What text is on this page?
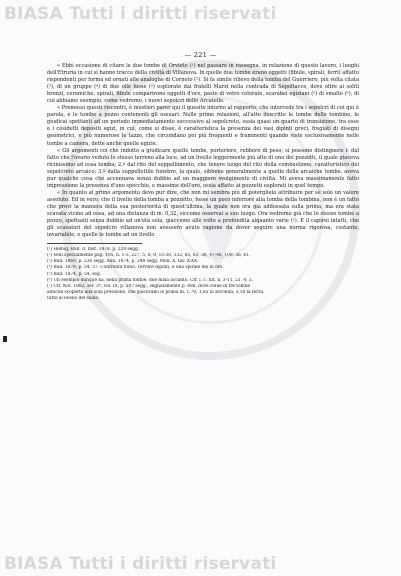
BIASA Tutti i diritti riservati
BIASA Tutti i diritti riservati
— 221 —

« Ebbi occasione di citare le due tombe di Orvieto (¹) nel passare in rassegna, in relazione di questo lavoro, i luoghi dell'Etruria in cui si hanno tracce della civiltà di Villanova. In quelle due tombe erano oggetti (fibule, spirali, ferri) affatto rispondenti per forma ed ornati alle analoghe di Corneto (²). Si fa simile rilievo della tomba del Guerriero, più volta citata (³), di un gruppo (⁴) di due olle fosse (⁵) esplorate dai fratelli Marzi nella contrada di Sepoltacce, dove oltre ai soliti bronzi, ceramiche, spirali, fibule comparirono oggetti d'oro, paste di vetro colorate, scarabei egiziani (⁵) di smalto (⁶), di cui abbiamo esempio, come vedremo, i nuovi sepolcri dello Arcatelle.

« Premessi questi riscontri, è mestieri parer qui il quesito intorno al rapporto, che intercede tra i sepolcri di cui qui è parola, e le tombe a pozzo contenenti gli ossuari. Nelle prime relazioni, all'atto descritte le tombe delle tombine, le giudicai spettanti ad un periodo immediatamente successivo al sepolcreto, ossia quasi un quarto di transizione, tra esse e i cosidetti depositi egizi, in cui, come si disse, è caratteristica la presenza dei vasi dipinti greci, fregiati di disegni geometrici, e più numerose le tazze, che circondano poi più frequenti e frammenti quando viste esclusivamente nelle tombe a camera, dette anche quelle egizie.

« Gli argomenti coi che indotto a giudicare quelle tombe, porteriore, rebbero di peso, si possono distinguere i: dal fatto che l'ovario veduto lo stesso terreno alla luce, ad un livello leggermente più alto di uno dei pozzetti, il quale giaceva ricinissimo ad essa tomba; 2.º dal rito del seppellimento, che tenere luogo del rito della combustione, caratteristico dei sepolcreto arcaico; 3.º dalla suppellettile funebre, la quale, sibbene generalmente a quelle delle arcaiche tombe, aveva pur qualche cosa che accennava senza dubbio ad un maggiore svolgimento di civiltà. Mi aveva massimamente fatto impressione la presenza d'uno specchio, e massime dell'oro, ossia affatto ai pozzetti esplorati in quel tempo.

« In quanto al primo argomento devo pur dire, che non mi sembra più di poterglielo attribuire per sè solo un valore assoluto. Ed in vero, che il livello della tomba a pozzetto, fosse un poco inferiore alla tomba della tombina, non è un fatto che provi la maniera della sua posteriorità di quest'ultima, la quale non era già addossata sulla prima, ma era stata scavata vicino ad essa, ad una distanza di m. 0,32, siccome osservai a suo luogo. Ora vedremo già che lo stesso tombe a pozzo, spettanti senza dubbio ad un'età sola, giacciono alle volte a profondità alquanto varie (¹). E il capirei intatti, che gli scavatori del sepolcro villanova non avessero avuto ragione da dover seguire una norma rigorosa, costante, invariabile, e quelle le tombe ad un livello

(¹) Helbig, Bull. d. Inst. 1878, p. 229 segg.
(²) Vedi specialmente pag. 195, n. 1-3, 227, 5, 8, 9, 15-30, 132, 85, 83, 39, 47-48, 109, 56, 61.
(³) Bull. 1869, p. 236 segg. Ann. 1874, p. 248 segg. Mon. X, tav. X-XA.
(⁴) Bull. 1879, p. 54, 57. Confronta tomo, Terrore dipinti, e una spirale dei in oro.
(⁵) Bull. 1874, p. 54, seg.
(⁶) Un esempio dunque ha, nella prima tombe, due mala accanto. Cfr. l. c. XX, n. 3-11, 21, 4, 5.
(⁷) Cfr. Not. 1882, ser. 3ª, vol. IX, p. 207 segg., segnatamente p. 486, dove cinne di tre tombe
antiche scoperte alla sola pressione, che giacevano lo prima m. 1,70, 1,85 la seconda; 3,10 la terza,
tutte al livello del suolo.
